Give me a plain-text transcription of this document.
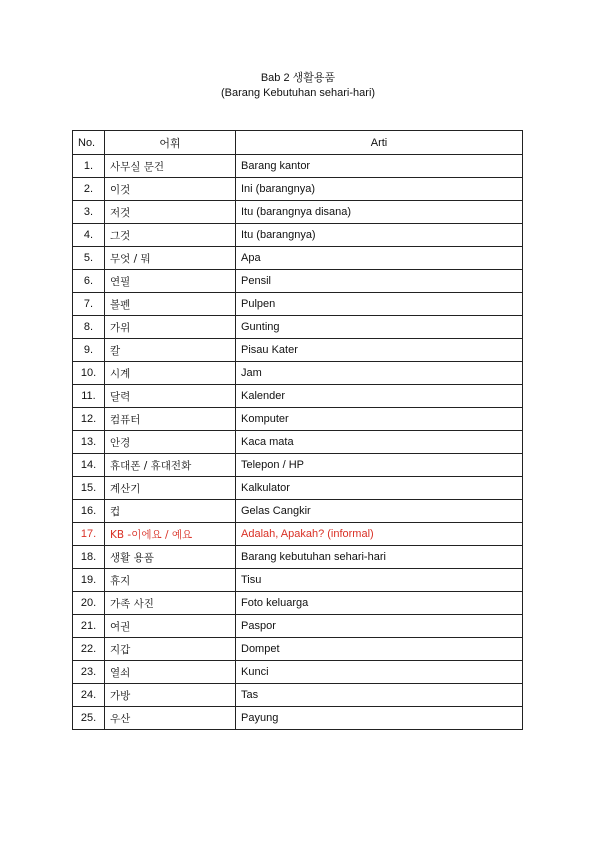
Bab 2 생활용품
(Barang Kebutuhan sehari-hari)
No.	어휘	Arti
1.	사무실 문건	Barang kantor
2.	이것	Ini (barangnya)
3.	저것	Itu (barangnya disana)
4.	그것	Itu (barangnya)
5.	무엇 / 뭐	Apa
6.	연필	Pensil
7.	볼펜	Pulpen
8.	가위	Gunting
9.	칼	Pisau Kater
10.	시계	Jam
11.	달력	Kalender
12.	컴퓨터	Komputer
13.	안경	Kaca mata
14.	휴대폰 / 휴대전화	Telepon / HP
15.	계산기	Kalkulator
16.	컵	Gelas Cangkir
17.	KB -이에요 / 예요	Adalah, Apakah? (informal)
18.	생활 용품	Barang kebutuhan sehari-hari
19.	휴지	Tisu
20.	가족 사진	Foto keluarga
21.	여권	Paspor
22.	지갑	Dompet
23.	열쇠	Kunci
24.	가방	Tas
25.	우산	Payung
